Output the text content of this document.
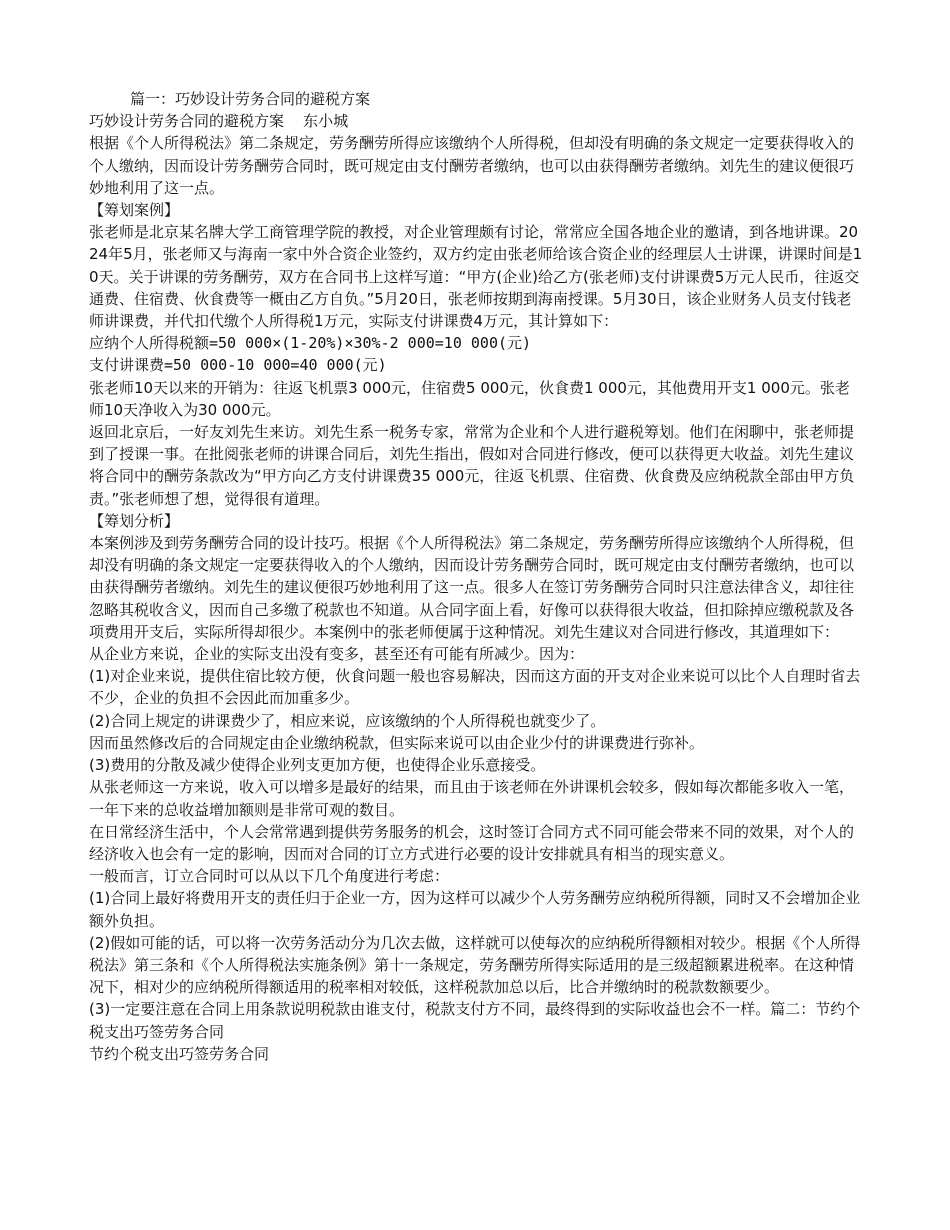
篇一：巧妙设计劳务合同的避税方案

巧妙设计劳务合同的避税方案    东小城

根据《个人所得税法》第二条规定，劳务酬劳所得应该缴纳个人所得税，但却没有明确的条文规定一定要获得收入的个人缴纳，因而设计劳务酬劳合同时，既可规定由支付酬劳者缴纳，也可以由获得酬劳者缴纳。刘先生的建议便很巧妙地利用了这一点。

【筹划案例】

张老师是北京某名牌大学工商管理学院的教授，对企业管理颇有讨论，常常应全国各地企业的邀请，到各地讲课。2024年5月，张老师又与海南一家中外合资企业签约，双方约定由张老师给该合资企业的经理层人士讲课，讲课时间是10天。关于讲课的劳务酬劳，双方在合同书上这样写道：“甲方(企业)给乙方(张老师)支付讲课费5万元人民币，往返交通费、住宿费、伙食费等一概由乙方自负。”5月20日，张老师按期到海南授课。5月30日，该企业财务人员支付钱老师讲课费，并代扣代缴个人所得税1万元，实际支付讲课费4万元，其计算如下：

应纳个人所得税额=50 000×(1-20%)×30%-2 000=10 000(元)

支付讲课费=50 000-10 000=40 000(元)

张老师10天以来的开销为：往返飞机票3 000元，住宿费5 000元，伙食费1 000元，其他费用开支1 000元。张老师10天净收入为30 000元。

返回北京后，一好友刘先生来访。刘先生系一税务专家，常常为企业和个人进行避税筹划。他们在闲聊中，张老师提到了授课一事。在批阅张老师的讲课合同后，刘先生指出，假如对合同进行修改，便可以获得更大收益。刘先生建议将合同中的酬劳条款改为“甲方向乙方支付讲课费35 000元，往返飞机票、住宿费、伙食费及应纳税款全部由甲方负责。”张老师想了想，觉得很有道理。

【筹划分析】

本案例涉及到劳务酬劳合同的设计技巧。根据《个人所得税法》第二条规定，劳务酬劳所得应该缴纳个人所得税，但却没有明确的条文规定一定要获得收入的个人缴纳，因而设计劳务酬劳合同时，既可规定由支付酬劳者缴纳，也可以由获得酬劳者缴纳。刘先生的建议便很巧妙地利用了这一点。很多人在签订劳务酬劳合同时只注意法律含义，却往往忽略其税收含义，因而自己多缴了税款也不知道。从合同字面上看，好像可以获得很大收益，但扣除掉应缴税款及各项费用开支后，实际所得却很少。本案例中的张老师便属于这种情况。刘先生建议对合同进行修改，其道理如下：

从企业方来说，企业的实际支出没有变多，甚至还有可能有所减少。因为：

(1)对企业来说，提供住宿比较方便，伙食问题一般也容易解决，因而这方面的开支对企业来说可以比个人自理时省去不少，企业的负担不会因此而加重多少。

(2)合同上规定的讲课费少了，相应来说，应该缴纳的个人所得税也就变少了。

因而虽然修改后的合同规定由企业缴纳税款，但实际来说可以由企业少付的讲课费进行弥补。

(3)费用的分散及减少使得企业列支更加方便，也使得企业乐意接受。

从张老师这一方来说，收入可以增多是最好的结果，而且由于该老师在外讲课机会较多，假如每次都能多收入一笔，一年下来的总收益增加额则是非常可观的数目。

在日常经济生活中，个人会常常遇到提供劳务服务的机会，这时签订合同方式不同可能会带来不同的效果，对个人的经济收入也会有一定的影响，因而对合同的订立方式进行必要的设计安排就具有相当的现实意义。

一般而言，订立合同时可以从以下几个角度进行考虑：

(1)合同上最好将费用开支的责任归于企业一方，因为这样可以减少个人劳务酬劳应纳税所得额，同时又不会增加企业额外负担。

(2)假如可能的话，可以将一次劳务活动分为几次去做，这样就可以使每次的应纳税所得额相对较少。根据《个人所得税法》第三条和《个人所得税法实施条例》第十一条规定，劳务酬劳所得实际适用的是三级超额累进税率。在这种情况下，相对少的应纳税所得额适用的税率相对较低，这样税款加总以后，比合并缴纳时的税款数额要少。

(3)一定要注意在合同上用条款说明税款由谁支付，税款支付方不同，最终得到的实际收益也会不一样。篇二：节约个税支出巧签劳务合同

节约个税支出巧签劳务合同
